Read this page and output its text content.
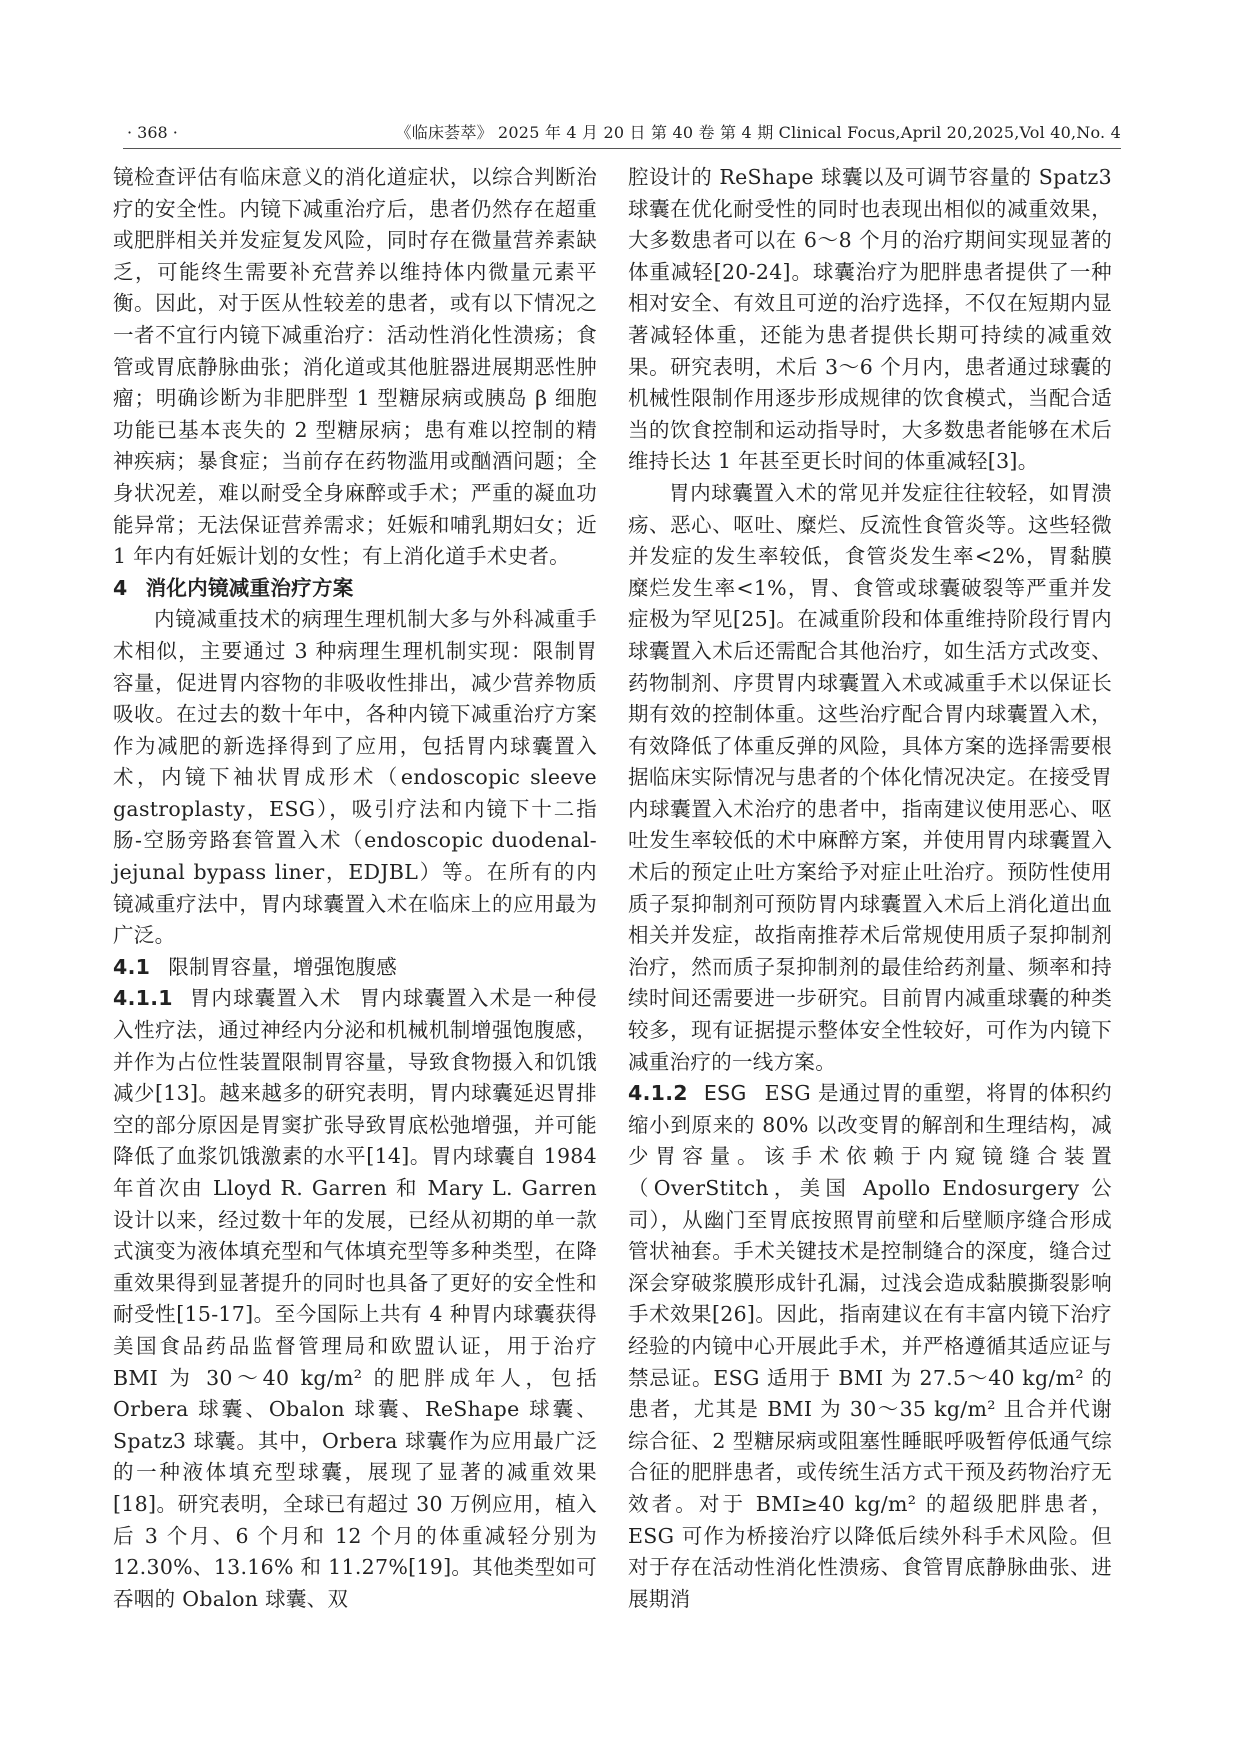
· 368 ·	《临床荟萃》 2025 年 4 月 20 日 第 40 卷 第 4 期 Clinical Focus,April 20,2025,Vol 40,No. 4

镜检查评估有临床意义的消化道症状，以综合判断治疗的安全性。内镜下减重治疗后，患者仍然存在超重或肥胖相关并发症复发风险，同时存在微量营养素缺乏，可能终生需要补充营养以维持体内微量元素平衡。因此，对于医从性较差的患者，或有以下情况之一者不宜行内镜下减重治疗：活动性消化性溃疡；食管或胃底静脉曲张；消化道或其他脏器进展期恶性肿瘤；明确诊断为非肥胖型 1 型糖尿病或胰岛 β 细胞功能已基本丧失的 2 型糖尿病；患有难以控制的精神疾病；暴食症；当前存在药物滥用或酗酒问题；全身状况差，难以耐受全身麻醉或手术；严重的凝血功能异常；无法保证营养需求；妊娠和哺乳期妇女；近 1 年内有妊娠计划的女性；有上消化道手术史者。

4 消化内镜减重治疗方案

内镜减重技术的病理生理机制大多与外科减重手术相似，主要通过 3 种病理生理机制实现：限制胃容量，促进胃内容物的非吸收性排出，减少营养物质吸收。在过去的数十年中，各种内镜下减重治疗方案作为减肥的新选择得到了应用，包括胃内球囊置入术，内镜下袖状胃成形术（endoscopic sleeve gastroplasty，ESG），吸引疗法和内镜下十二指肠-空肠旁路套管置入术（endoscopic duodenal-jejunal bypass liner，EDJBL）等。在所有的内镜减重疗法中，胃内球囊置入术在临床上的应用最为广泛。

4.1 限制胃容量，增强饱腹感

4.1.1 胃内球囊置入术 胃内球囊置入术是一种侵入性疗法，通过神经内分泌和机械机制增强饱腹感，并作为占位性装置限制胃容量，导致食物摄入和饥饿减少[13]。越来越多的研究表明，胃内球囊延迟胃排空的部分原因是胃窦扩张导致胃底松弛增强，并可能降低了血浆饥饿激素的水平[14]。胃内球囊自 1984 年首次由 Lloyd R. Garren 和 Mary L. Garren 设计以来，经过数十年的发展，已经从初期的单一款式演变为液体填充型和气体填充型等多种类型，在降重效果得到显著提升的同时也具备了更好的安全性和耐受性[15-17]。至今国际上共有 4 种胃内球囊获得美国食品药品监督管理局和欧盟认证，用于治疗 BMI 为 30～40 kg/m² 的肥胖成年人，包括 Orbera 球囊、Obalon 球囊、ReShape 球囊、Spatz3 球囊。其中，Orbera 球囊作为应用最广泛的一种液体填充型球囊，展现了显著的减重效果[18]。研究表明，全球已有超过 30 万例应用，植入后 3 个月、6 个月和 12 个月的体重减轻分别为 12.30%、13.16% 和 11.27%[19]。其他类型如可吞咽的 Obalon 球囊、双

腔设计的 ReShape 球囊以及可调节容量的 Spatz3 球囊在优化耐受性的同时也表现出相似的减重效果，大多数患者可以在 6～8 个月的治疗期间实现显著的体重减轻[20-24]。球囊治疗为肥胖患者提供了一种相对安全、有效且可逆的治疗选择，不仅在短期内显著减轻体重，还能为患者提供长期可持续的减重效果。研究表明，术后 3～6 个月内，患者通过球囊的机械性限制作用逐步形成规律的饮食模式，当配合适当的饮食控制和运动指导时，大多数患者能够在术后维持长达 1 年甚至更长时间的体重减轻[3]。

胃内球囊置入术的常见并发症往往较轻，如胃溃疡、恶心、呕吐、糜烂、反流性食管炎等。这些轻微并发症的发生率较低，食管炎发生率<2%，胃黏膜糜烂发生率<1%，胃、食管或球囊破裂等严重并发症极为罕见[25]。在减重阶段和体重维持阶段行胃内球囊置入术后还需配合其他治疗，如生活方式改变、药物制剂、序贯胃内球囊置入术或减重手术以保证长期有效的控制体重。这些治疗配合胃内球囊置入术，有效降低了体重反弹的风险，具体方案的选择需要根据临床实际情况与患者的个体化情况决定。在接受胃内球囊置入术治疗的患者中，指南建议使用恶心、呕吐发生率较低的术中麻醉方案，并使用胃内球囊置入术后的预定止吐方案给予对症止吐治疗。预防性使用质子泵抑制剂可预防胃内球囊置入术后上消化道出血相关并发症，故指南推荐术后常规使用质子泵抑制剂治疗，然而质子泵抑制剂的最佳给药剂量、频率和持续时间还需要进一步研究。目前胃内减重球囊的种类较多，现有证据提示整体安全性较好，可作为内镜下减重治疗的一线方案。

4.1.2 ESG ESG 是通过胃的重塑，将胃的体积约缩小到原来的 80% 以改变胃的解剖和生理结构，减少胃容量。该手术依赖于内窥镜缝合装置（OverStitch，美国 Apollo Endosurgery 公司），从幽门至胃底按照胃前壁和后壁顺序缝合形成管状袖套。手术关键技术是控制缝合的深度，缝合过深会穿破浆膜形成针孔漏，过浅会造成黏膜撕裂影响手术效果[26]。因此，指南建议在有丰富内镜下治疗经验的内镜中心开展此手术，并严格遵循其适应证与禁忌证。ESG 适用于 BMI 为 27.5～40 kg/m² 的患者，尤其是 BMI 为 30～35 kg/m² 且合并代谢综合征、2 型糖尿病或阻塞性睡眠呼吸暂停低通气综合征的肥胖患者，或传统生活方式干预及药物治疗无效者。对于 BMI≥40 kg/m² 的超级肥胖患者，ESG 可作为桥接治疗以降低后续外科手术风险。但对于存在活动性消化性溃疡、食管胃底静脉曲张、进展期消
